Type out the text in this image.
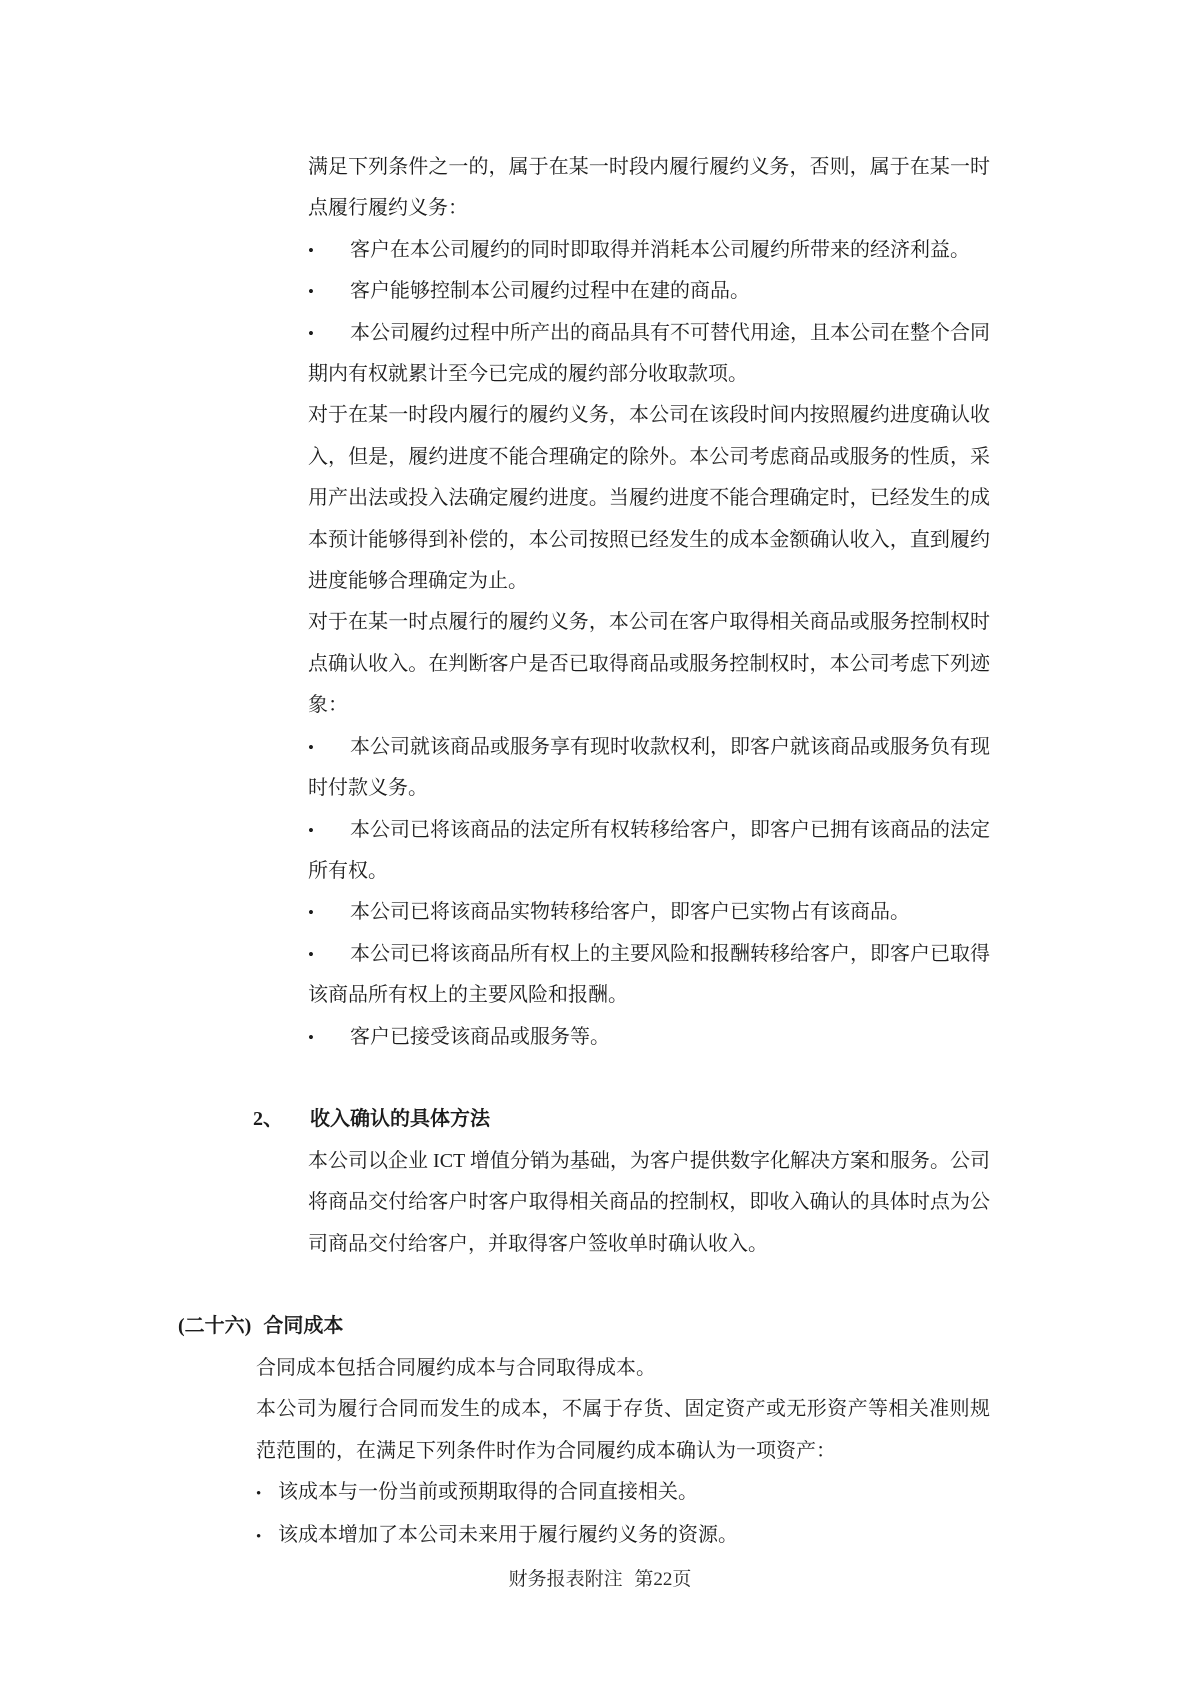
满足下列条件之一的，属于在某一时段内履行履约义务，否则，属于在某一时点履行履约义务：
• 客户在本公司履约的同时即取得并消耗本公司履约所带来的经济利益。
• 客户能够控制本公司履约过程中在建的商品。
• 本公司履约过程中所产出的商品具有不可替代用途，且本公司在整个合同期内有权就累计至今已完成的履约部分收取款项。
对于在某一时段内履行的履约义务，本公司在该段时间内按照履约进度确认收入，但是，履约进度不能合理确定的除外。本公司考虑商品或服务的性质，采用产出法或投入法确定履约进度。当履约进度不能合理确定时，已经发生的成本预计能够得到补偿的，本公司按照已经发生的成本金额确认收入，直到履约进度能够合理确定为止。
对于在某一时点履行的履约义务，本公司在客户取得相关商品或服务控制权时点确认收入。在判断客户是否已取得商品或服务控制权时，本公司考虑下列迹象：
• 本公司就该商品或服务享有现时收款权利，即客户就该商品或服务负有现时付款义务。
• 本公司已将该商品的法定所有权转移给客户，即客户已拥有该商品的法定所有权。
• 本公司已将该商品实物转移给客户，即客户已实物占有该商品。
• 本公司已将该商品所有权上的主要风险和报酬转移给客户，即客户已取得该商品所有权上的主要风险和报酬。
• 客户已接受该商品或服务等。
2、 收入确认的具体方法
本公司以企业 ICT 增值分销为基础，为客户提供数字化解决方案和服务。公司将商品交付给客户时客户取得相关商品的控制权，即收入确认的具体时点为公司商品交付给客户，并取得客户签收单时确认收入。
(二十六) 合同成本
合同成本包括合同履约成本与合同取得成本。
本公司为履行合同而发生的成本，不属于存货、固定资产或无形资产等相关准则规范范围的，在满足下列条件时作为合同履约成本确认为一项资产：
• 该成本与一份当前或预期取得的合同直接相关。
• 该成本增加了本公司未来用于履行履约义务的资源。
财务报表附注 第22页
